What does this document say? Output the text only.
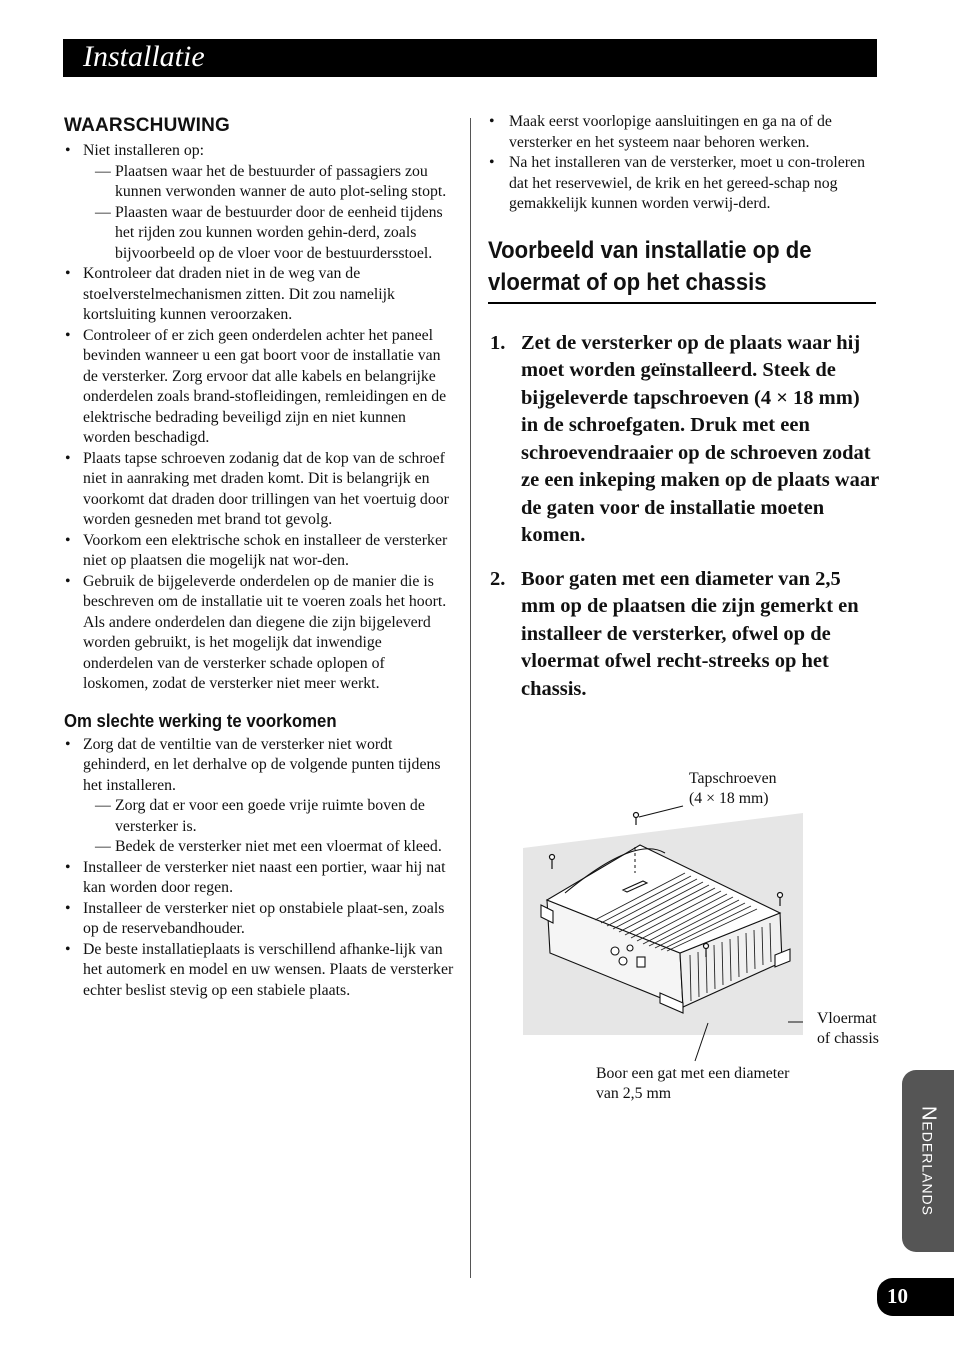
Installatie
WAARSCHUWING
• Niet installeren op:
— Plaatsen waar het de bestuurder of passagiers zou kunnen verwonden wanner de auto plot-seling stopt.
— Plaasten waar de bestuurder door de eenheid tijdens het rijden zou kunnen worden gehin-derd, zoals bijvoorbeeld op de vloer voor de bestuurdersstoel.
• Kontroleer dat draden niet in de weg van de stoelverstelmechanismen zitten. Dit zou namelijk kortsluiting kunnen veroorzaken.
• Controleer of er zich geen onderdelen achter het paneel bevinden wanneer u een gat boort voor de installatie van de versterker. Zorg ervoor dat alle kabels en belangrijke onderdelen zoals brand-stofleidingen, remleidingen en de elektrische bedrading beveiligd zijn en niet kunnen worden beschadigd.
• Plaats tapse schroeven zodanig dat de kop van de schroef niet in aanraking met draden komt. Dit is belangrijk en voorkomt dat draden door trillingen van het voertuig door worden gesneden met brand tot gevolg.
• Voorkom een elektrische schok en installeer de versterker niet op plaatsen die mogelijk nat wor-den.
• Gebruik de bijgeleverde onderdelen op de manier die is beschreven om de installatie uit te voeren zoals het hoort. Als andere onderdelen dan diegene die zijn bijgeleverd worden gebruikt, is het mogelijk dat inwendige onderdelen van de versterker schade oplopen of loskomen, zodat de versterker niet meer werkt.
Om slechte werking te voorkomen
• Zorg dat de ventiltie van de versterker niet wordt gehinderd, en let derhalve op de volgende punten tijdens het installeren.
— Zorg dat er voor een goede vrije ruimte boven de versterker is.
— Bedek de versterker niet met een vloermat of kleed.
• Installeer de versterker niet naast een portier, waar hij nat kan worden door regen.
• Installeer de versterker niet op onstabiele plaat-sen, zoals op de reservebandhouder.
• De beste installatieplaats is verschillend afhanke-lijk van het automerk en model en uw wensen. Plaats de versterker echter beslist stevig op een stabiele plaats.
• Maak eerst voorlopige aansluitingen en ga na of de versterker en het systeem naar behoren werken.
• Na het installeren van de versterker, moet u con-troleren dat het reservewiel, de krik en het gereed-schap nog gemakkelijk kunnen worden verwij-derd.
Voorbeeld van installatie op de vloermat of op het chassis
1. Zet de versterker op de plaats waar hij moet worden geïnstalleerd. Steek de bijgeleverde tapschroeven (4 × 18 mm) in de schroefgaten. Druk met een schroevendraaier op de schroeven zodat ze een inkeping maken op de plaats waar de gaten voor de installatie moeten komen.
2. Boor gaten met een diameter van 2,5 mm op de plaatsen die zijn gemerkt en installeer de versterker, ofwel op de vloermat ofwel recht-streeks op het chassis.
Tapschroeven
(4 × 18 mm)
Vloermat
of chassis
Boor een gat met een diameter
van 2,5 mm
Nederlands
10
